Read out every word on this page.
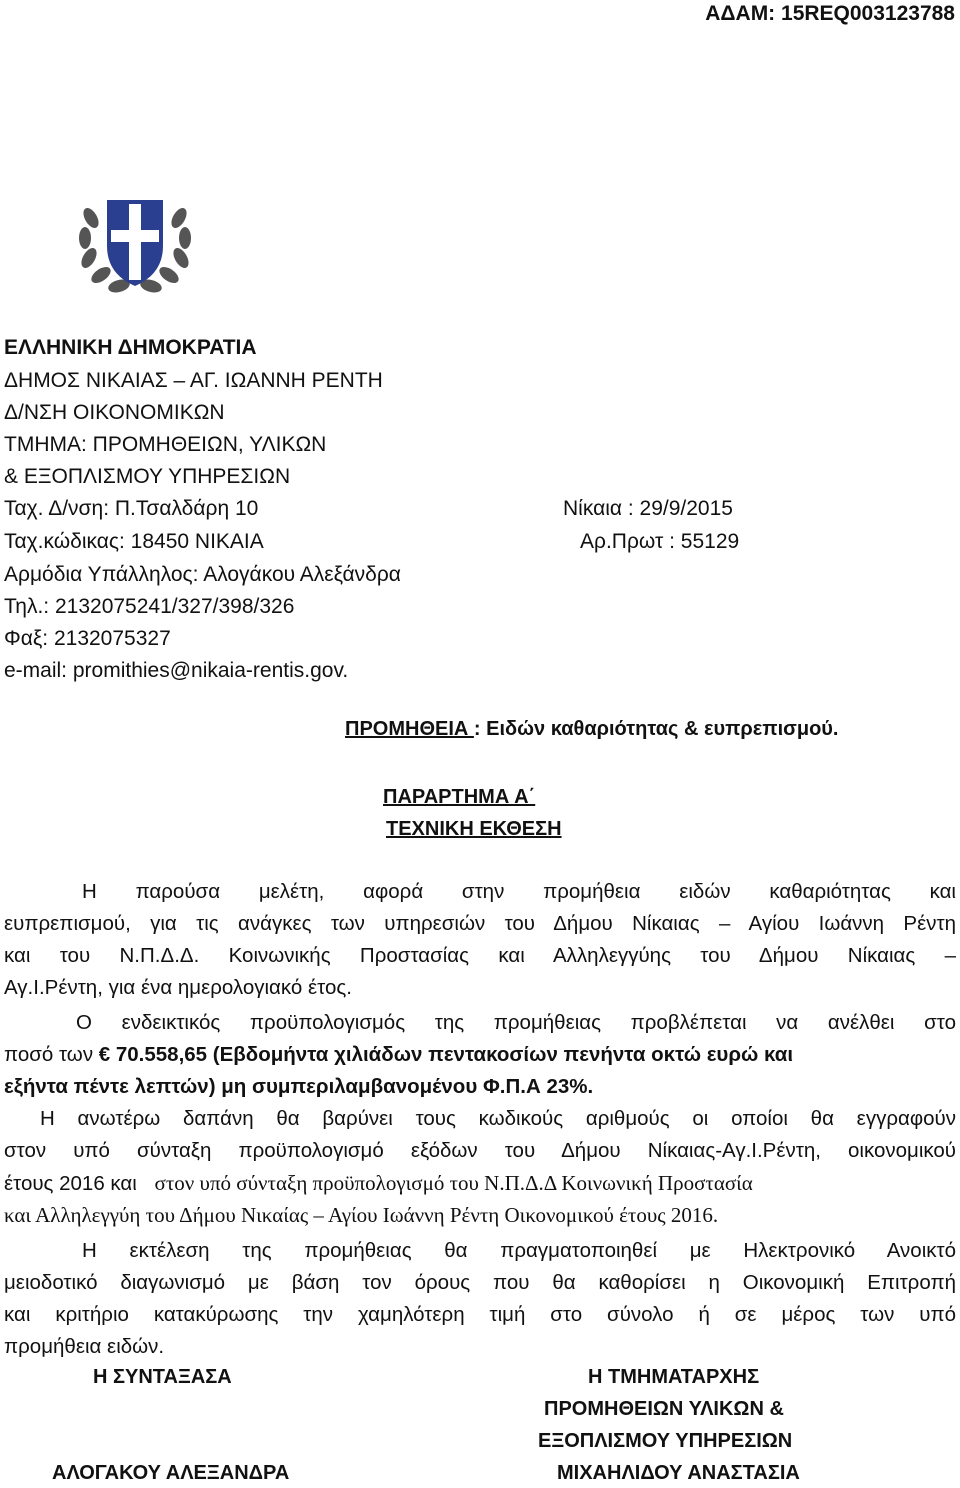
ΑΔΑΜ: 15REQ003123788
ΕΛΛΗΝΙΚΗ ΔΗΜΟΚΡΑΤΙΑ
ΔΗΜΟΣ ΝΙΚΑΙΑΣ – ΑΓ. ΙΩΑΝΝΗ ΡΕΝΤΗ
Δ/ΝΣΗ ΟΙΚΟΝΟΜΙΚΩΝ
ΤΜΗΜΑ: ΠΡΟΜΗΘΕΙΩΝ, ΥΛΙΚΩΝ
& ΕΞΟΠΛΙΣΜΟΥ ΥΠΗΡΕΣΙΩΝ
Ταχ. Δ/νση: Π.Τσαλδάρη 10
Ταχ.κώδικας: 18450 ΝΙΚΑΙΑ
Αρμόδια Υπάλληλος: Αλογάκου Αλεξάνδρα
Τηλ.: 2132075241/327/398/326
Φαξ: 2132075327
e-mail: promithies@nikaia-rentis.gov.
Νίκαια : 29/9/2015
Αρ.Πρωτ : 55129
ΠΡΟΜΗΘΕΙΑ : Ειδών καθαριότητας & ευπρεπισμού.
ΠΑΡΑΡΤΗΜΑ Α΄
ΤΕΧΝΙΚΗ ΕΚΘΕΣΗ
Η παρούσα μελέτη, αφορά στην προμήθεια ειδών καθαριότητας και
ευπρεπισμού, για τις ανάγκες των υπηρεσιών του Δήμου Νίκαιας – Αγίου Ιωάννη Ρέντη
και του Ν.Π.Δ.Δ. Κοινωνικής Προστασίας και Αλληλεγγύης του Δήμου Νίκαιας –
Αγ.Ι.Ρέντη, για ένα ημερολογιακό έτος.
Ο ενδεικτικός προϋπολογισμός της προμήθειας προβλέπεται να ανέλθει στο
ποσό των € 70.558,65 (Εβδομήντα χιλιάδων πεντακοσίων πενήντα οκτώ ευρώ και
εξήντα πέντε λεπτών) μη συμπεριλαμβανομένου Φ.Π.Α 23%.
Η ανωτέρω δαπάνη θα βαρύνει τους κωδικούς αριθμούς οι οποίοι θα εγγραφούν
στον υπό σύνταξη προϋπολογισμό εξόδων του Δήμου Νίκαιας-Αγ.Ι.Ρέντη, οικονομικού
έτους 2016 και στον υπό σύνταξη προϋπολογισμό του Ν.Π.Δ.Δ Κοινωνική Προστασία
και Αλληλεγγύη του Δήμου Νικαίας – Αγίου Ιωάννη Ρέντη Οικονομικού έτους 2016.
Η εκτέλεση της προμήθειας θα πραγματοποιηθεί με Ηλεκτρονικό Ανοικτό
μειοδοτικό διαγωνισμό με βάση τον όρους που θα καθορίσει η Οικονομική Επιτροπή
και κριτήριο κατακύρωσης την χαμηλότερη τιμή στο σύνολο ή σε μέρος των υπό
προμήθεια ειδών.
Η ΣΥΝΤΑΞΑΣΑ
ΑΛΟΓΑΚΟΥ ΑΛΕΞΑΝΔΡΑ
Η ΤΜΗΜΑΤΑΡΧΗΣ
ΠΡΟΜΗΘΕΙΩΝ ΥΛΙΚΩΝ &
ΕΞΟΠΛΙΣΜΟΥ ΥΠΗΡΕΣΙΩΝ
ΜΙΧΑΗΛΙΔΟΥ ΑΝΑΣΤΑΣΙΑ
